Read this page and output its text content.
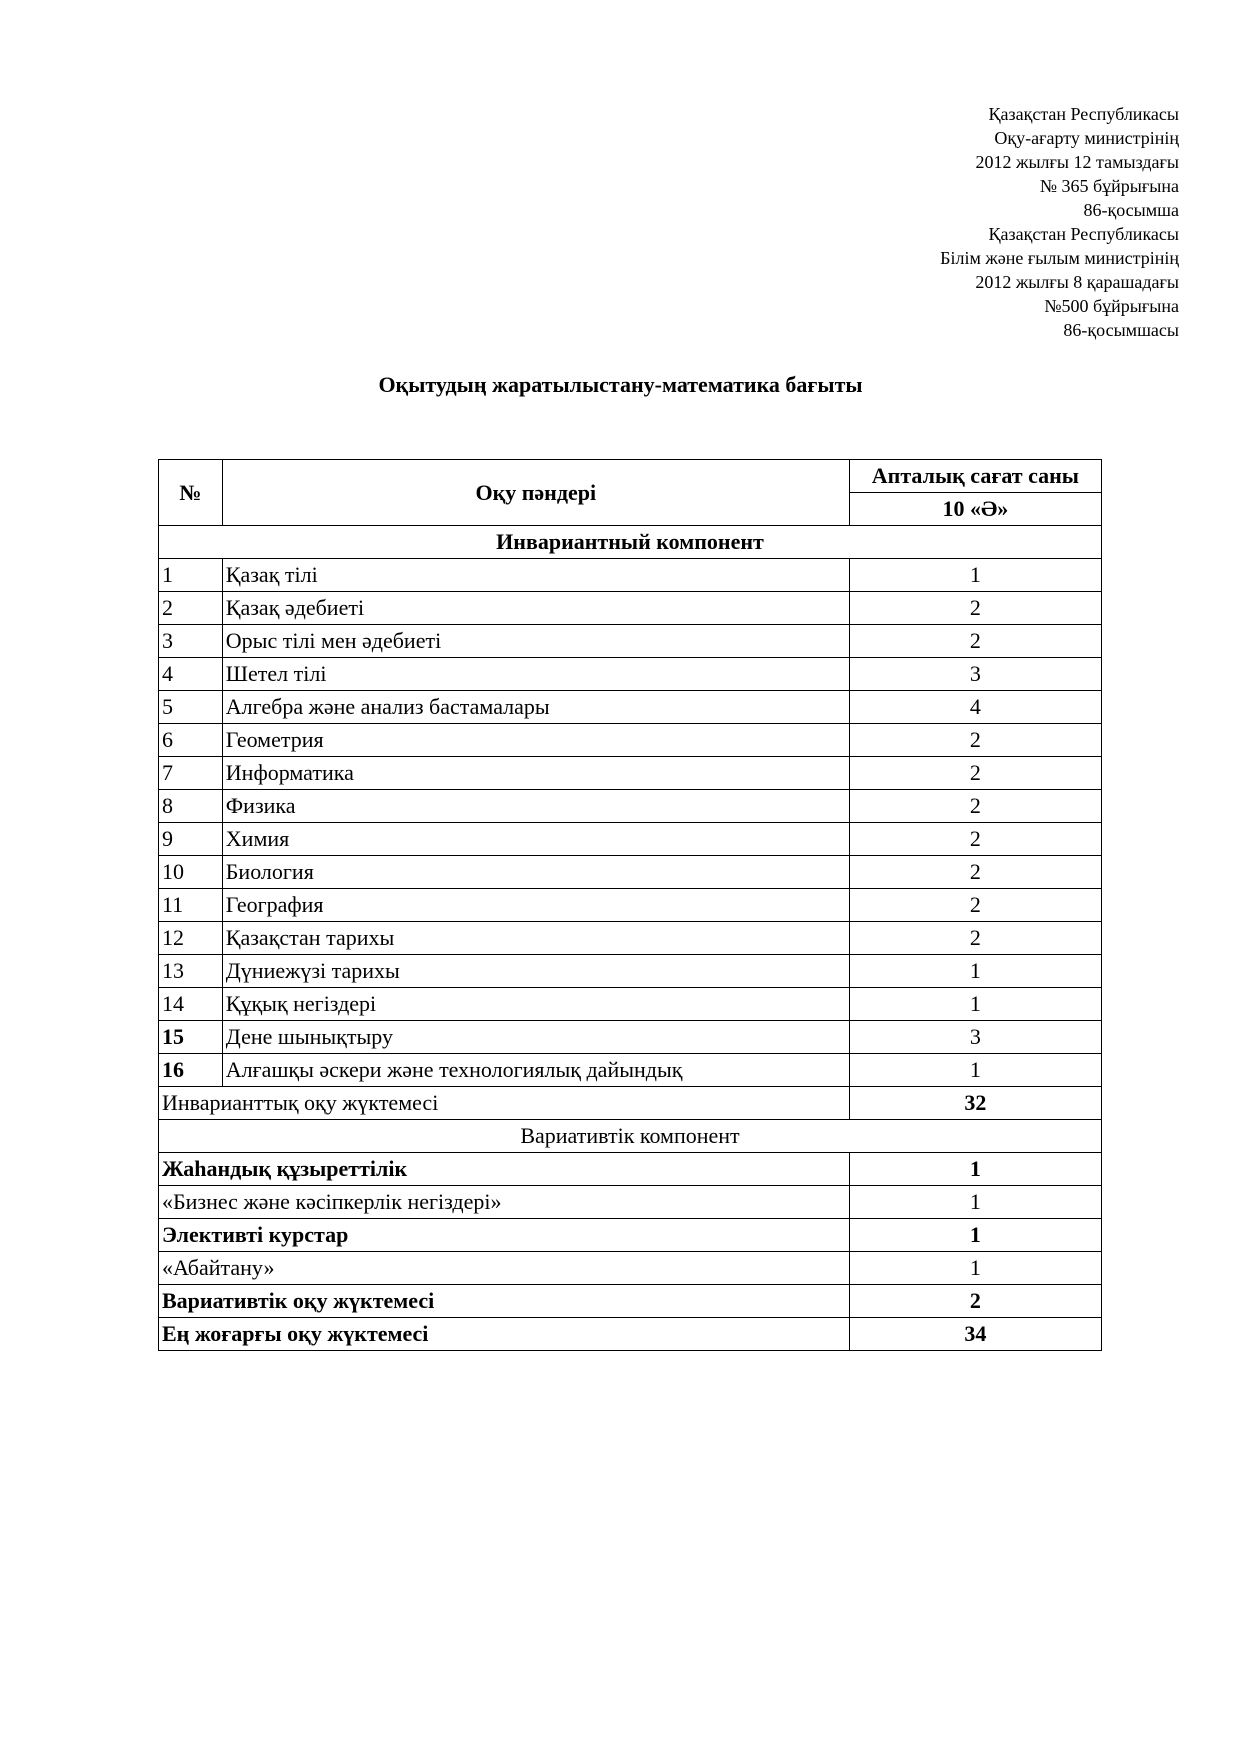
Қазақстан Республикасы
Оқу-ағарту министрінің
2012 жылғы 12 тамыздағы
№ 365 бұйрығына
86-қосымша
Қазақстан Республикасы
Білім және ғылым министрінің
2012 жылғы 8 қарашадағы
№500 бұйрығына
86-қосымшасы
Оқытудың жаратылыстану-математика бағыты
№	Оқу пәндері	Апталық сағат саны
		10 «Ә»
Инвариантный компонент		
1	Қазақ тілі	1
2	Қазақ әдебиеті	2
3	Орыс тілі мен әдебиеті	2
4	Шетел тілі	3
5	Алгебра және анализ бастамалары	4
6	Геометрия	2
7	Информатика	2
8	Физика	2
9	Химия	2
10	Биология	2
11	География	2
12	Қазақстан тарихы	2
13	Дүниежүзі тарихы	1
14	Құқық негіздері	1
15	Дене шынықтыру	3
16	Алғашқы әскери және технологиялық дайындық	1
Инварианттық оқу жүктемесі		32
Вариативтік компонент		
Жаһандық құзыреттілік		1
«Бизнес және кәсіпкерлік негіздері»		1
Элективті курстар		1
«Абайтану»		1
Вариативтік оқу жүктемесі		2
Ең жоғарғы оқу жүктемесі		34
